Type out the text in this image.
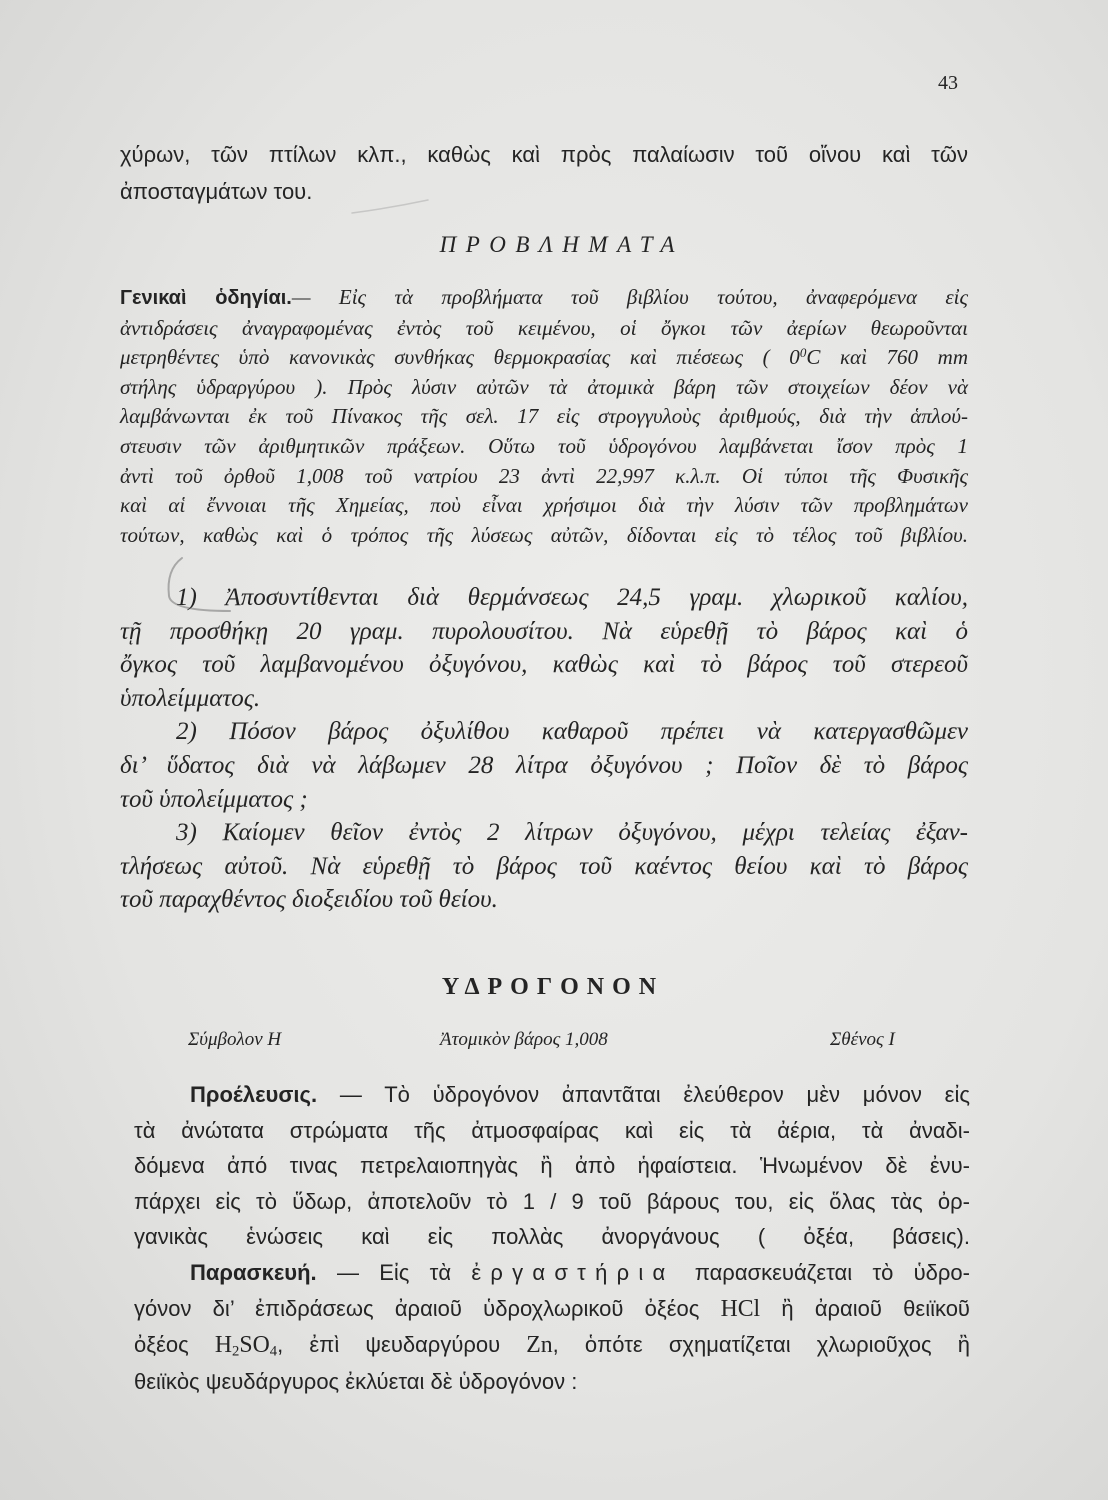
43
χύρων, τῶν πτίλων κλπ., καθὼς καὶ πρὸς παλαίωσιν τοῦ οἴνου καὶ τῶν
ἀποσταγμάτων του.
ΠΡΟΒΛΗΜΑΤΑ
Γενικαὶ ὁδηγίαι.— Εἰς τὰ προβλήματα τοῦ βιβλίου τούτου, ἀναφερόμενα εἰς
ἀντιδράσεις ἀναγραφομένας ἐντὸς τοῦ κειμένου, οἱ ὄγκοι τῶν ἀερίων θεωροῦνται
μετρηθέντες ὑπὸ κανονικὰς συνθήκας θερμοκρασίας καὶ πιέσεως ( $0^0C$ καὶ 760 mm
στήλης ὑδραργύρου ). Πρὸς λύσιν αὐτῶν τὰ ἀτομικὰ βάρη τῶν στοιχείων δέον νὰ
λαμβάνωνται ἐκ τοῦ Πίνακος τῆς σελ. 17 εἰς στρογγυλοὺς ἀριθμούς, διὰ τὴν ἁπλού-
στευσιν τῶν ἀριθμητικῶν πράξεων. Οὕτω τοῦ ὑδρογόνου λαμβάνεται ἴσον πρὸς 1
ἀντὶ τοῦ ὀρθοῦ 1,008 τοῦ νατρίου 23 ἀντὶ 22,997 κ.λ.π. Οἱ τύποι τῆς Φυσικῆς
καὶ αἱ ἔννοιαι τῆς Χημείας, ποὺ εἶναι χρήσιμοι διὰ τὴν λύσιν τῶν προβλημάτων
τούτων, καθὼς καὶ ὁ τρόπος τῆς λύσεως αὐτῶν, δίδονται εἰς τὸ τέλος τοῦ βιβλίου.
1) Ἀποσυντίθενται διὰ θερμάνσεως 24,5 γραμ. χλωρικοῦ καλίου,
τῇ προσθήκῃ 20 γραμ. πυρολουσίτου. Νὰ εὑρεθῇ τὸ βάρος καὶ ὁ
ὄγκος τοῦ λαμβανομένου ὀξυγόνου, καθὼς καὶ τὸ βάρος τοῦ στερεοῦ
ὑπολείμματος.
2) Πόσον βάρος ὀξυλίθου καθαροῦ πρέπει νὰ κατεργασθῶμεν
δι’ ὕδατος διὰ νὰ λάβωμεν 28 λίτρα ὀξυγόνου ; Ποῖον δὲ τὸ βάρος
τοῦ ὑπολείμματος ;
3) Καίομεν θεῖον ἐντὸς 2 λίτρων ὀξυγόνου, μέχρι τελείας ἐξαν-
τλήσεως αὐτοῦ. Νὰ εὑρεθῇ τὸ βάρος τοῦ καέντος θείου καὶ τὸ βάρος
τοῦ παραχθέντος διοξειδίου τοῦ θείου.
ΥΔΡΟΓΟΝΟΝ
Σύμβολον Η	Ἀτομικὸν βάρος 1,008	Σθένος Ι
Προέλευσις. — Τὸ ὑδρογόνον ἀπαντᾶται ἐλεύθερον μὲν μόνον εἰς
τὰ ἀνώτατα στρώματα τῆς ἀτμοσφαίρας καὶ εἰς τὰ ἀέρια, τὰ ἀναδι-
δόμενα ἀπό τινας πετρελαιοπηγὰς ἢ ἀπὸ ἡφαίστεια. Ἡνωμένον δὲ ἐνυ-
πάρχει εἰς τὸ ὕδωρ, ἀποτελοῦν τὸ 1 / 9 τοῦ βάρους του, εἰς ὅλας τὰς ὀρ-
γανικὰς ἑνώσεις καὶ εἰς πολλὰς ἀνοργάνους ( ὀξέα, βάσεις).
Παρασκευή. — Εἰς τὰ ἐργαστήρια παρασκευάζεται τὸ ὑδρο-
γόνον δι’ ἐπιδράσεως ἀραιοῦ ὑδροχλωρικοῦ ὀξέος HCl ἢ ἀραιοῦ θειϊκοῦ
ὀξέος $H_2SO_4$, ἐπὶ ψευδαργύρου Zn, ὁπότε σχηματίζεται χλωριοῦχος ἢ
θειϊκὸς ψευδάργυρος ἐκλύεται δὲ ὑδρογόνον :
